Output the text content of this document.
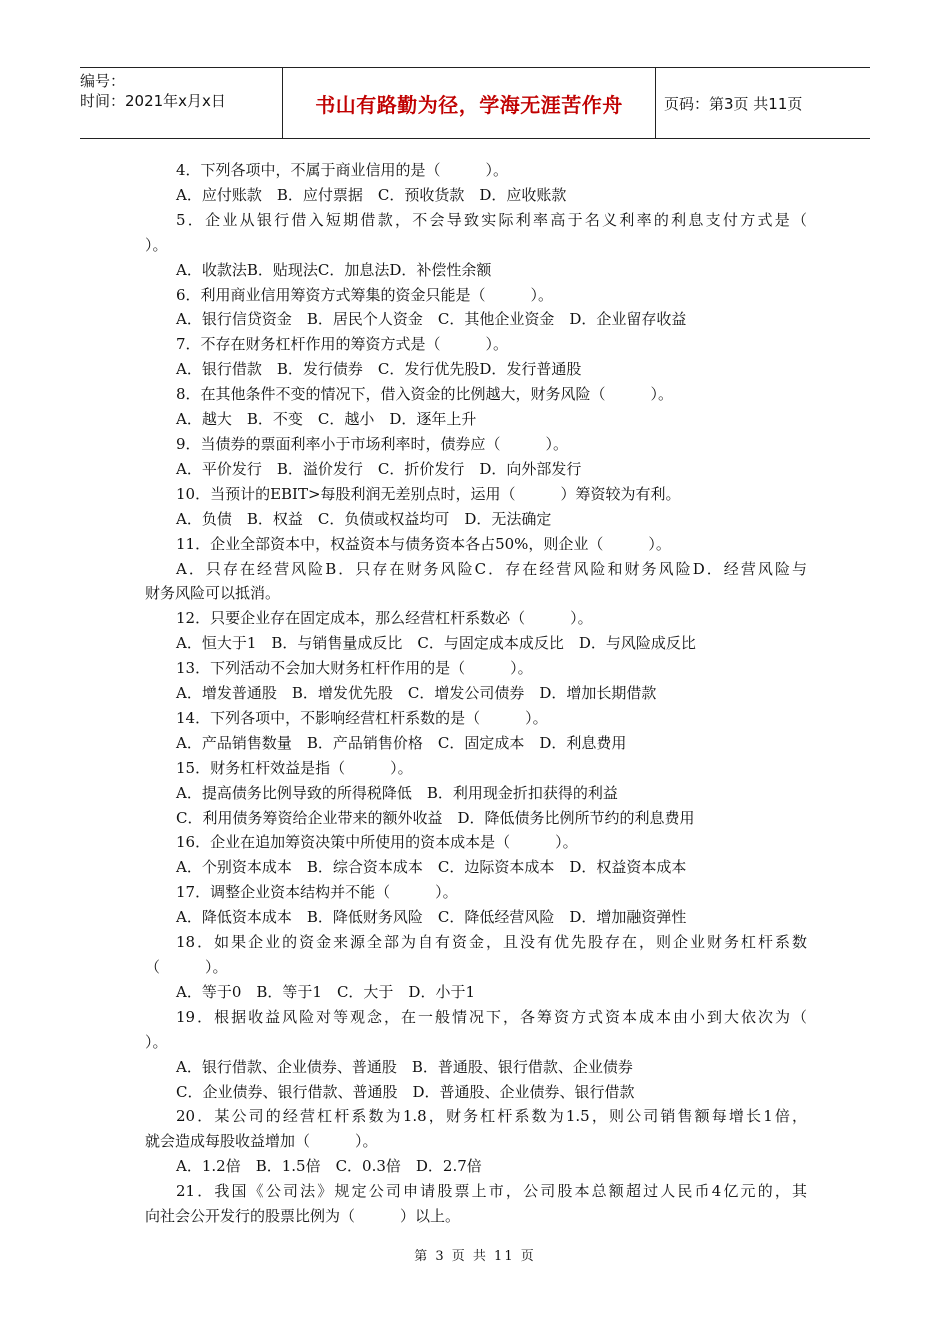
编号：
时间：2021年x月x日	书山有路勤为径，学海无涯苦作舟	页码：第3页 共11页
4．下列各项中，不属于商业信用的是（　　　）。
A．应付账款　B．应付票据　C．预收货款　D．应收账款
5．企业从银行借入短期借款，不会导致实际利率高于名义利率的利息支付方式是（
）。
A．收款法B．贴现法C．加息法D．补偿性余额
6．利用商业信用筹资方式筹集的资金只能是（　　　）。
A．银行信贷资金　B．居民个人资金　C．其他企业资金　D．企业留存收益
7．不存在财务杠杆作用的筹资方式是（　　　）。
A．银行借款　B．发行债券　C．发行优先股D．发行普通股
8．在其他条件不变的情况下，借入资金的比例越大，财务风险（　　　）。
A．越大　B．不变　C．越小　D．逐年上升
9．当债券的票面利率小于市场利率时，债券应（　　　）。
A．平价发行　B．溢价发行　C．折价发行　D．向外部发行
10．当预计的EBIT>每股利润无差别点时，运用（　　　）筹资较为有利。
A．负债　B．权益　C．负债或权益均可　D．无法确定
11．企业全部资本中，权益资本与债务资本各占50%，则企业（　　　）。
A．只存在经营风险B．只存在财务风险C．存在经营风险和财务风险D．经营风险与
财务风险可以抵消。
12．只要企业存在固定成本，那么经营杠杆系数必（　　　）。
A．恒大于1　B．与销售量成反比　C．与固定成本成反比　D．与风险成反比
13．下列活动不会加大财务杠杆作用的是（　　　）。
A．增发普通股　B．增发优先股　C．增发公司债券　D．增加长期借款
14．下列各项中，不影响经营杠杆系数的是（　　　）。
A．产品销售数量　B．产品销售价格　C．固定成本　D．利息费用
15．财务杠杆效益是指（　　　）。
A．提高债务比例导致的所得税降低　B．利用现金折扣获得的利益
C．利用债务筹资给企业带来的额外收益　D．降低债务比例所节约的利息费用
16．企业在追加筹资决策中所使用的资本成本是（　　　）。
A．个别资本成本　B．综合资本成本　C．边际资本成本　D．权益资本成本
17．调整企业资本结构并不能（　　　）。
A．降低资本成本　B．降低财务风险　C．降低经营风险　D．增加融资弹性
18．如果企业的资金来源全部为自有资金，且没有优先股存在，则企业财务杠杆系数
（　　　）。
A．等于0　B．等于1　C．大于　D．小于1
19．根据收益风险对等观念，在一般情况下，各筹资方式资本成本由小到大依次为（
）。
A．银行借款、企业债券、普通股　B．普通股、银行借款、企业债券
C．企业债券、银行借款、普通股　D．普通股、企业债券、银行借款
20．某公司的经营杠杆系数为1.8，财务杠杆系数为1.5，则公司销售额每增长1倍，
就会造成每股收益增加（　　　）。
A．1.2倍　B．1.5倍　C．0.3倍　D．2.7倍
21．我国《公司法》规定公司申请股票上市，公司股本总额超过人民币4亿元的，其
向社会公开发行的股票比例为（　　　）以上。
第 3 页 共 11 页
